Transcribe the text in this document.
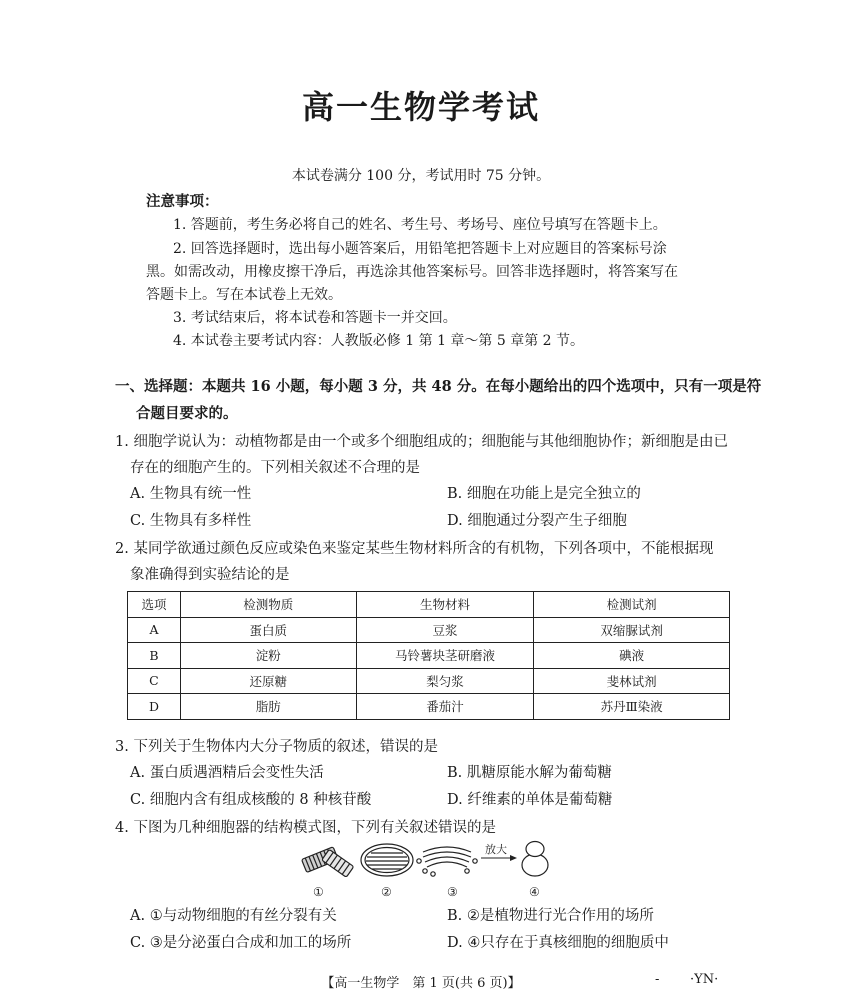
高一生物学考试
本试卷满分 100 分，考试用时 75 分钟。
注意事项：
1. 答题前，考生务必将自己的姓名、考生号、考场号、座位号填写在答题卡上。
2. 回答选择题时，选出每小题答案后，用铅笔把答题卡上对应题目的答案标号涂
黑。如需改动，用橡皮擦干净后，再选涂其他答案标号。回答非选择题时，将答案写在
答题卡上。写在本试卷上无效。
3. 考试结束后，将本试卷和答题卡一并交回。
4. 本试卷主要考试内容：人教版必修 1 第 1 章～第 5 章第 2 节。
一、选择题：本题共 16 小题，每小题 3 分，共 48 分。在每小题给出的四个选项中，只有一项是符
合题目要求的。
1. 细胞学说认为：动植物都是由一个或多个细胞组成的；细胞能与其他细胞协作；新细胞是由已
存在的细胞产生的。下列相关叙述不合理的是
A. 生物具有统一性	B. 细胞在功能上是完全独立的
C. 生物具有多样性	D. 细胞通过分裂产生子细胞
2. 某同学欲通过颜色反应或染色来鉴定某些生物材料所含的有机物，下列各项中，不能根据现
象准确得到实验结论的是
选项	检测物质	生物材料	检测试剂
A	蛋白质	豆浆	双缩脲试剂
B	淀粉	马铃薯块茎研磨液	碘液
C	还原糖	梨匀浆	斐林试剂
D	脂肪	番茄汁	苏丹Ⅲ染液
3. 下列关于生物体内大分子物质的叙述，错误的是
A. 蛋白质遇酒精后会变性失活	B. 肌糖原能水解为葡萄糖
C. 细胞内含有组成核酸的 8 种核苷酸	D. 纤维素的单体是葡萄糖
4. 下图为几种细胞器的结构模式图，下列有关叙述错误的是
放大
①	②	③	④
A. ①与动物细胞的有丝分裂有关	B. ②是植物进行光合作用的场所
C. ③是分泌蛋白合成和加工的场所	D. ④只存在于真核细胞的细胞质中
【高一生物学　第 1 页(共 6 页)】	- ·YN·
